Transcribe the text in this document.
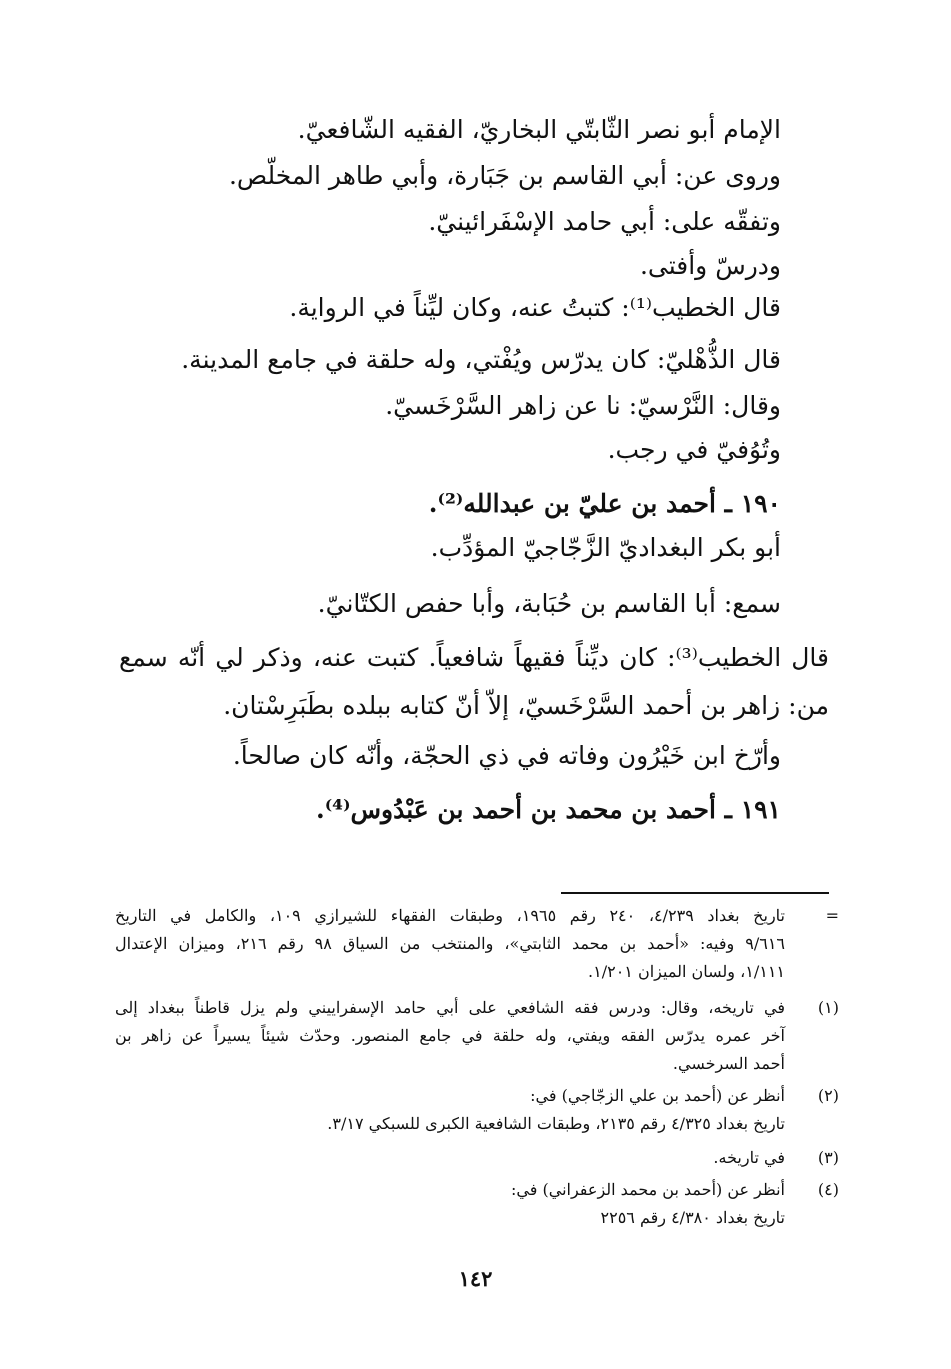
الإمام أبو نصر الثّابتّي البخاريّ، الفقيه الشّافعيّ.
وروى عن: أبي القاسم بن جَبَارة، وأبي طاهر المخلّص.
وتفقّه على: أبي حامد الإسْفَرائينيّ.
ودرسّ وأفتى.
قال الخطيب⁽¹⁾: كتبتُ عنه، وكان ليِّناً في الرواية.
قال الذُّهْليّ: كان يدرّس ويُفْتي، وله حلقة في جامع المدينة.
وقال: النَّرْسيّ: نا عن زاهر السَّرْخَسيّ.
وتُوُفيّ في رجب.
١٩٠ ـ أحمد بن عليّ بن عبدالله⁽²⁾.
أبو بكر البغداديّ الزَّجّاجيّ المؤدِّب.
سمع: أبا القاسم بن حُبَابة، وأبا حفص الكتّانيّ.
قال الخطيب⁽³⁾: كان ديِّناً فقيهاً شافعياً. كتبت عنه، وذكر لي أنّه سمع
من: زاهر بن أحمد السَّرْخَسيّ، إلاّ أنّ كتابه ببلده بطَبَرِسْتان.
وأرّخ ابن خَيْرُون وفاته في ذي الحجّة، وأنّه كان صالحاً.
١٩١ ـ أحمد بن محمد بن أحمد بن عَبْدُوس⁽⁴⁾.
=
تاريخ بغداد ٤/٢٣٩، ٢٤٠ رقم ١٩٦٥، وطبقات الفقهاء للشيرازي ١٠٩، والكامل في التاريخ
٩/٦١٦ وفيه: «أحمد بن محمد الثابتي»، والمنتخب من السياق ٩٨ رقم ٢١٦، وميزان الإعتدال
١/١١١، ولسان الميزان ١/٢٠١.
(١)
في تاريخه، وقال: ودرس فقه الشافعي على أبي حامد الإسفراييني ولم يزل قاطناً ببغداد إلى
آخر عمره يدرّس الفقه ويفتي، وله حلقة في جامع المنصور. وحدّث شيئاً يسيراً عن زاهر بن
أحمد السرخسي.
(٢)
أنظر عن (أحمد بن علي الزجّاجي) في:
تاريخ بغداد ٤/٣٢٥ رقم ٢١٣٥، وطبقات الشافعية الكبرى للسبكي ٣/١٧.
(٣)
في تاريخه.
(٤)
أنظر عن (أحمد بن محمد الزعفراني) في:
تاريخ بغداد ٤/٣٨٠ رقم ٢٢٥٦
١٤٢
